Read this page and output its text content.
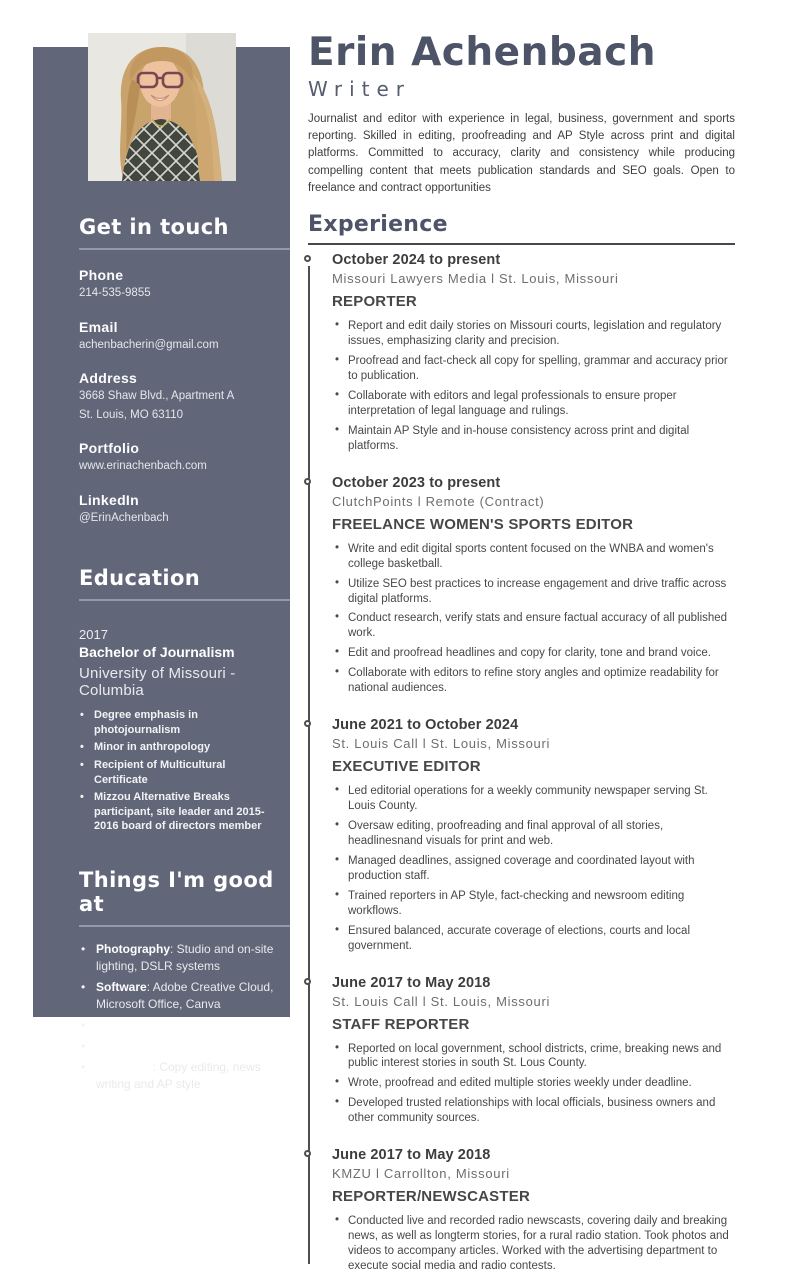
Get in touch
Phone
214-535-9855
Email
achenbacherin@gmail.com
Address
3668 Shaw Blvd., Apartment A
St. Louis, MO 63110
Portfolio
www.erinachenbach.com
LinkedIn
@ErinAchenbach
Education
2017
Bachelor of Journalism
University of Missouri - Columbia
• Degree emphasis in photojournalism
• Minor in anthropology
• Recipient of Multicultural Certificate
• Mizzou Alternative Breaks participant, site leader and 2015-2016 board of directors member
Things I'm good at
• Photography: Studio and on-site lighting, DSLR systems
• Software: Adobe Creative Cloud, Microsoft Office, Canva
• Audio recording and editing
• Video recording and editing
• Reporting: Copy editing, news writing and AP style
Erin Achenbach
Writer

Journalist and editor with experience in legal, business, government and sports reporting. Skilled in editing, proofreading and AP Style across print and digital platforms. Committed to accuracy, clarity and consistency while producing compelling content that meets publication standards and SEO goals. Open to freelance and contract opportunities

Experience
October 2024 to present
Missouri Lawyers Media l St. Louis, Missouri
REPORTER
• Report and edit daily stories on Missouri courts, legislation and regulatory issues, emphasizing clarity and precision.
• Proofread and fact-check all copy for spelling, grammar and accuracy prior to publication.
• Collaborate with editors and legal professionals to ensure proper interpretation of legal language and rulings.
• Maintain AP Style and in-house consistency across print and digital platforms.
October 2023 to present
ClutchPoints l Remote (Contract)
FREELANCE WOMEN'S SPORTS EDITOR
• Write and edit digital sports content focused on the WNBA and women's college basketball.
• Utilize SEO best practices to increase engagement and drive traffic across digital platforms.
• Conduct research, verify stats and ensure factual accuracy of all published work.
• Edit and proofread headlines and copy for clarity, tone and brand voice.
• Collaborate with editors to refine story angles and optimize readability for national audiences.
June 2021 to October 2024
St. Louis Call l St. Louis, Missouri
EXECUTIVE EDITOR
• Led editorial operations for a weekly community newspaper serving St. Louis County.
• Oversaw editing, proofreading and final approval of all stories, headlinesnand visuals for print and web.
• Managed deadlines, assigned coverage and coordinated layout with production staff.
• Trained reporters in AP Style, fact-checking and newsroom editing workflows.
• Ensured balanced, accurate coverage of elections, courts and local government.
June 2017 to May 2018
St. Louis Call l St. Louis, Missouri
STAFF REPORTER
• Reported on local government, school districts, crime, breaking news and public interest stories in south St. Lous County.
• Wrote, proofread and edited multiple stories weekly under deadline.
• Developed trusted relationships with local officials, business owners and other community sources.
June 2017 to May 2018
KMZU l Carrollton, Missouri
REPORTER/NEWSCASTER
• Conducted live and recorded radio newscasts, covering daily and breaking news, as well as longterm stories, for a rural radio station. Took photos and videos to accompany articles. Worked with the advertising department to execute social media and radio contests.
